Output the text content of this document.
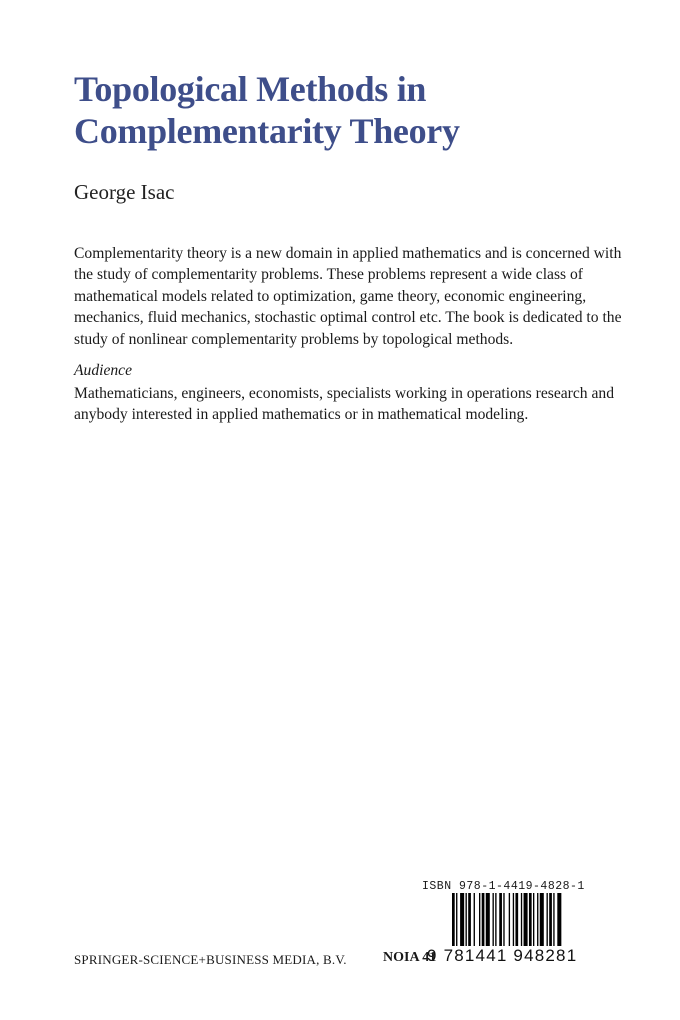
Topological Methods in
Complementarity Theory
George Isac

Complementarity theory is a new domain in applied mathematics and is concerned with the study of complementarity problems. These problems represent a wide class of mathematical models related to optimization, game theory, economic engineering, mechanics, fluid mechanics, stochastic optimal control etc. The book is dedicated to the study of nonlinear complementarity problems by topological methods.

Audience

Mathematicians, engineers, economists, specialists working in operations research and anybody interested in applied mathematics or in mathematical modeling.

ISBN 978-1-4419-4828-1
9 781441 948281
SPRINGER-SCIENCE+BUSINESS MEDIA, B.V.	NOIA 41
